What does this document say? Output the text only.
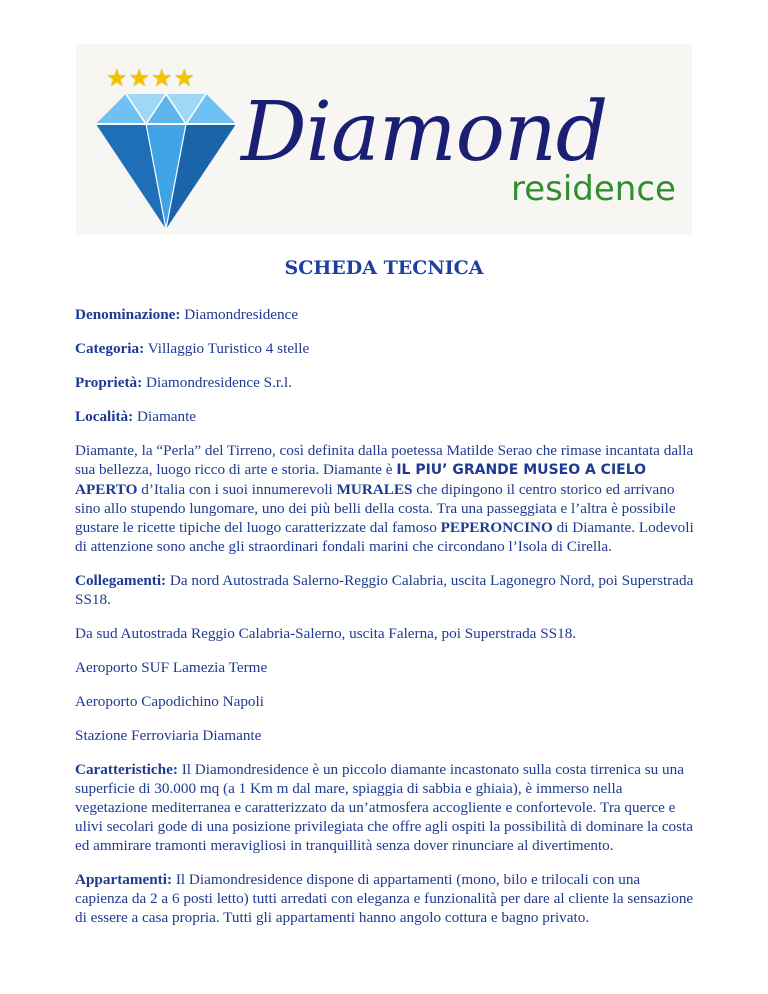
★★★★
Diamond
residence
SCHEDA TECNICA

Denominazione: Diamondresidence

Categoria: Villaggio Turistico 4 stelle

Proprietà: Diamondresidence S.r.l.

Località: Diamante

Diamante, la “Perla” del Tirreno, così definita dalla poetessa Matilde Serao che rimase incantata dalla sua bellezza, luogo ricco di arte e storia. Diamante è IL PIU’ GRANDE MUSEO A CIELO APERTO d’Italia con i suoi innumerevoli MURALES che dipingono il centro storico ed arrivano sino allo stupendo lungomare, uno dei più belli della costa. Tra una passeggiata e l’altra è possibile gustare le ricette tipiche del luogo caratterizzate dal famoso PEPERONCINO di Diamante. Lodevoli di attenzione sono anche gli straordinari fondali marini che circondano l’Isola di Cirella.

Collegamenti: Da nord Autostrada Salerno-Reggio Calabria, uscita Lagonegro Nord, poi Superstrada SS18.

Da sud Autostrada Reggio Calabria-Salerno, uscita Falerna, poi Superstrada SS18.

Aeroporto SUF Lamezia Terme

Aeroporto Capodichino Napoli

Stazione Ferroviaria Diamante

Caratteristiche: Il Diamondresidence è un piccolo diamante incastonato sulla costa tirrenica su una superficie di 30.000 mq (a 1 Km m dal mare, spiaggia di sabbia e ghiaia), è immerso nella vegetazione mediterranea e caratterizzato da un’atmosfera accogliente e confortevole. Tra querce e ulivi secolari gode di una posizione privilegiata che offre agli ospiti la possibilità di dominare la costa ed ammirare tramonti meravigliosi in tranquillità senza dover rinunciare al divertimento.

Appartamenti: Il Diamondresidence dispone di appartamenti (mono, bilo e trilocali con una capienza da 2 a 6 posti letto) tutti arredati con eleganza e funzionalità per dare al cliente la sensazione di essere a casa propria. Tutti gli appartamenti hanno angolo cottura e bagno privato.
